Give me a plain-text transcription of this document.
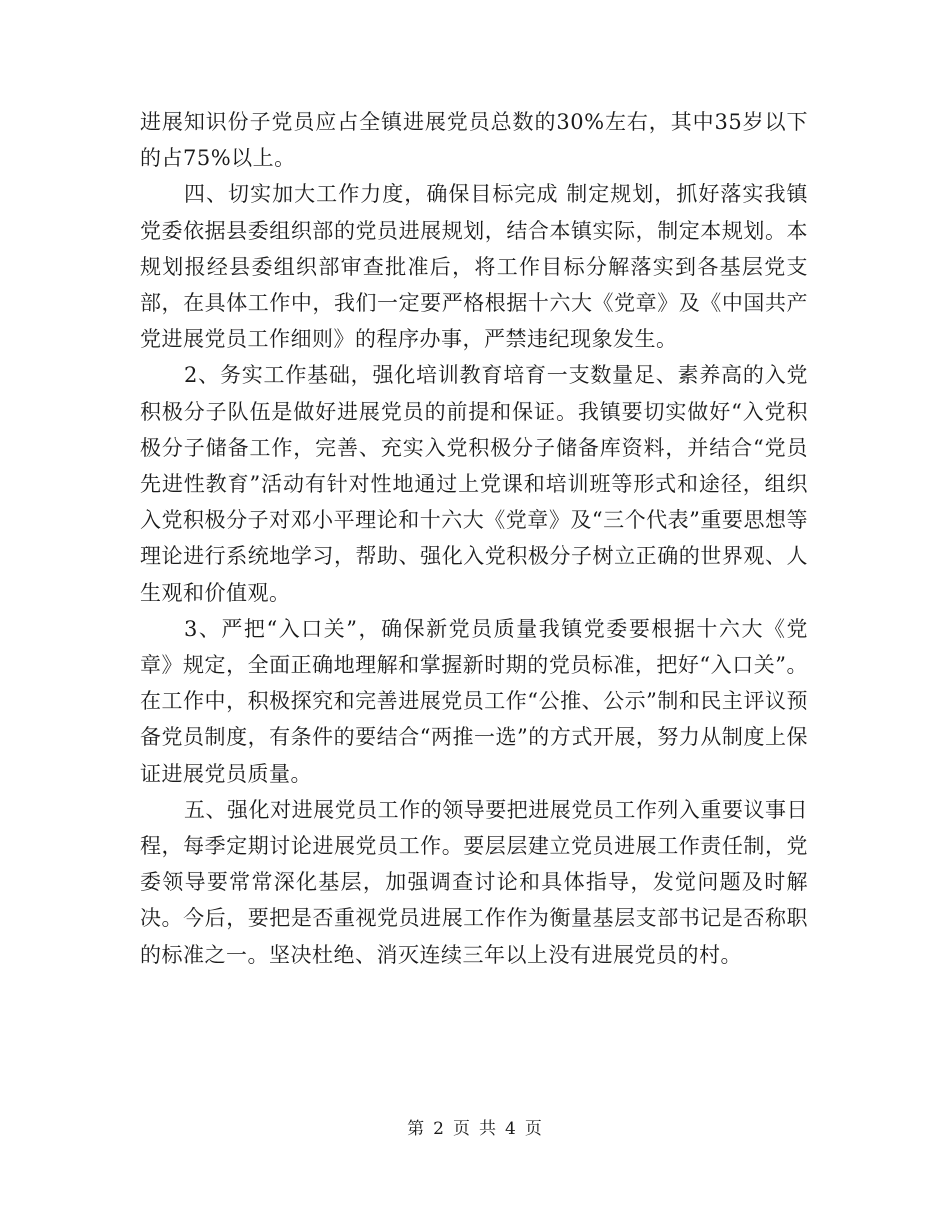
进展知识份子党员应占全镇进展党员总数的30%左右，其中35岁以下的占75%以上。

四、切实加大工作力度，确保目标完成 制定规划，抓好落实我镇党委依据县委组织部的党员进展规划，结合本镇实际，制定本规划。本规划报经县委组织部审查批准后，将工作目标分解落实到各基层党支部，在具体工作中，我们一定要严格根据十六大《党章》及《中国共产党进展党员工作细则》的程序办事，严禁违纪现象发生。

2、务实工作基础，强化培训教育培育一支数量足、素养高的入党积极分子队伍是做好进展党员的前提和保证。我镇要切实做好“入党积极分子储备工作，完善、充实入党积极分子储备库资料，并结合“党员先进性教育”活动有针对性地通过上党课和培训班等形式和途径，组织入党积极分子对邓小平理论和十六大《党章》及“三个代表”重要思想等理论进行系统地学习，帮助、强化入党积极分子树立正确的世界观、人生观和价值观。

3、严把“入口关”，确保新党员质量我镇党委要根据十六大《党章》规定，全面正确地理解和掌握新时期的党员标准，把好“入口关”。在工作中，积极探究和完善进展党员工作“公推、公示”制和民主评议预备党员制度，有条件的要结合“两推一选”的方式开展，努力从制度上保证进展党员质量。

五、强化对进展党员工作的领导要把进展党员工作列入重要议事日程，每季定期讨论进展党员工作。要层层建立党员进展工作责任制，党委领导要常常深化基层，加强调查讨论和具体指导，发觉问题及时解决。今后，要把是否重视党员进展工作作为衡量基层支部书记是否称职的标准之一。坚决杜绝、消灭连续三年以上没有进展党员的村。

第 2 页 共 4 页
